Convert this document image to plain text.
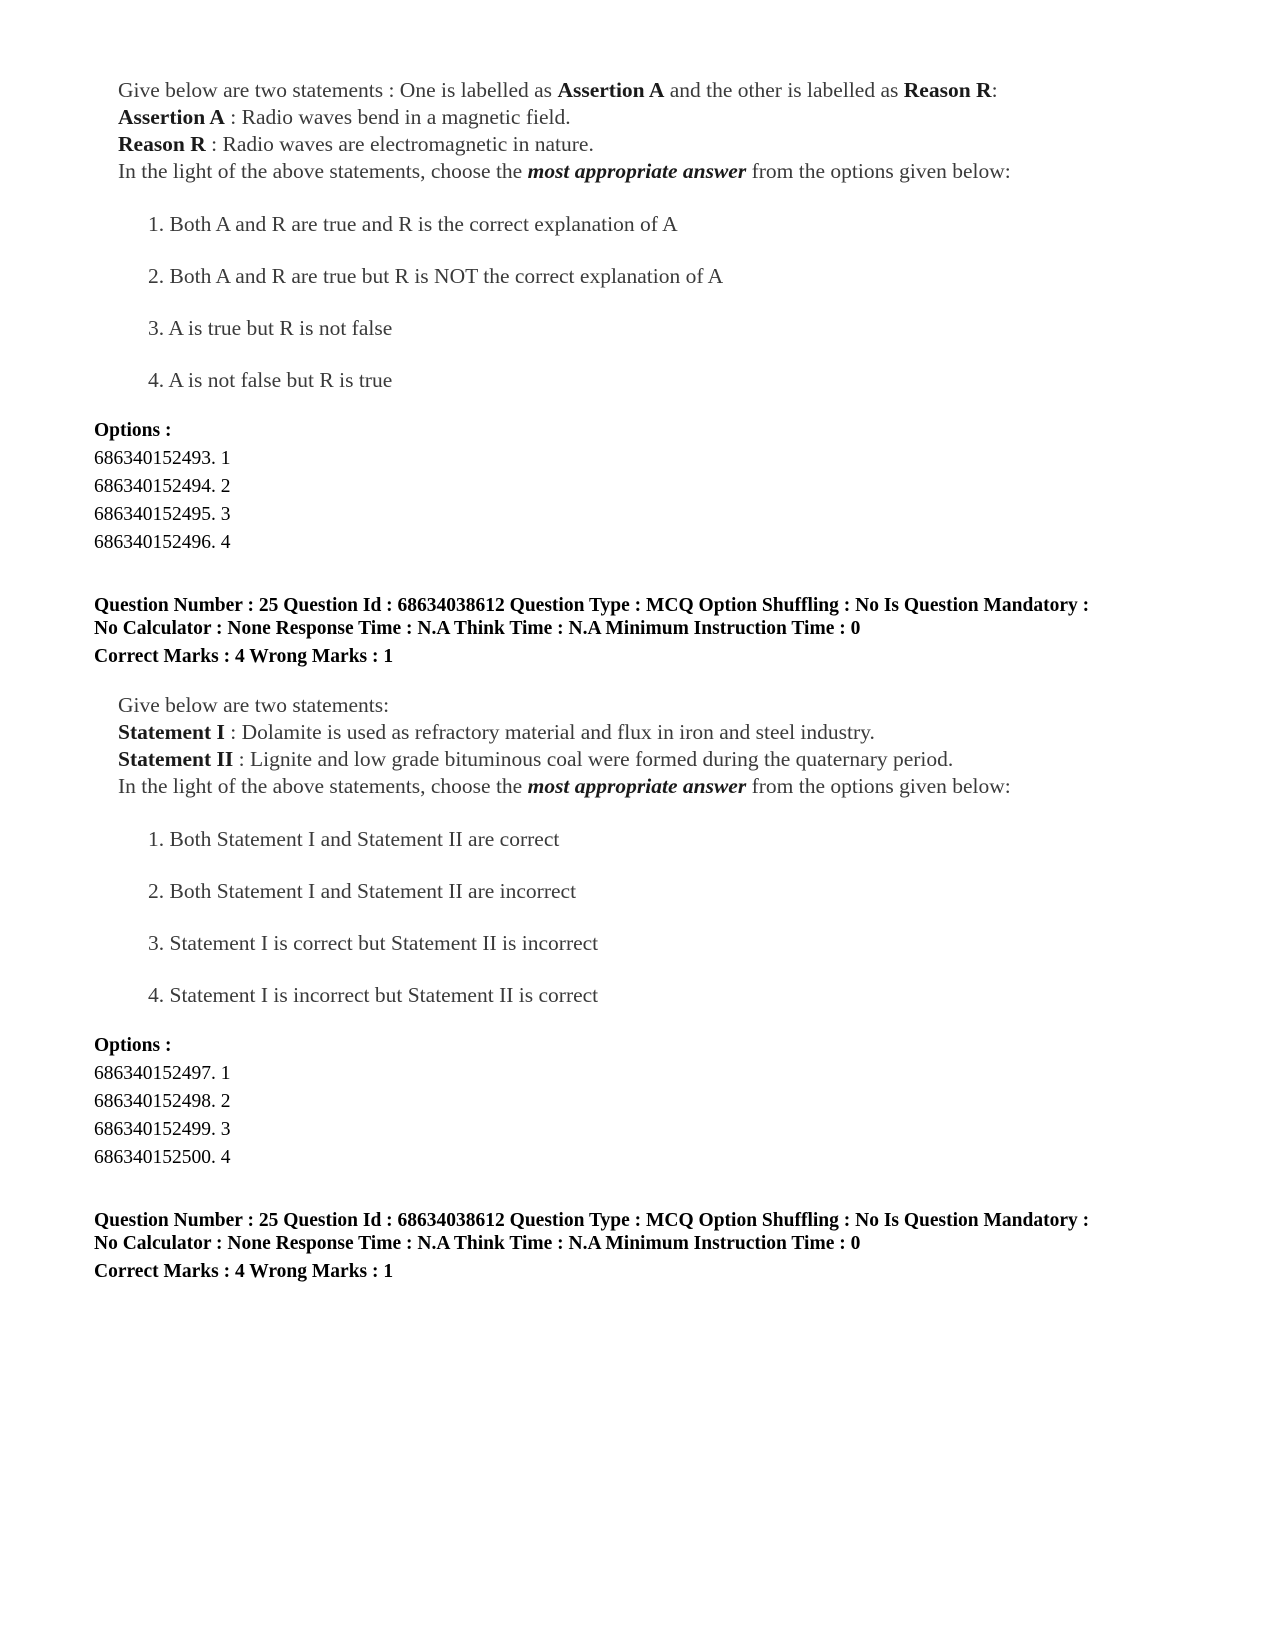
Give below are two statements : One is labelled as Assertion A and the other is labelled as Reason R:
Assertion A : Radio waves bend in a magnetic field.
Reason R : Radio waves are electromagnetic in nature.
In the light of the above statements, choose the most appropriate answer from the options given below:
1. Both A and R are true and R is the correct explanation of A
2. Both A and R are true but R is NOT the correct explanation of A
3. A is true but R is not false
4. A is not false but R is true
Options :
686340152493. 1
686340152494. 2
686340152495. 3
686340152496. 4
Question Number : 25 Question Id : 68634038612 Question Type : MCQ Option Shuffling : No Is Question Mandatory :
No Calculator : None Response Time : N.A Think Time : N.A Minimum Instruction Time : 0
Correct Marks : 4 Wrong Marks : 1
Give below are two statements:
Statement I : Dolamite is used as refractory material and flux in iron and steel industry.
Statement II : Lignite and low grade bituminous coal were formed during the quaternary period.
In the light of the above statements, choose the most appropriate answer from the options given below:
1. Both Statement I and Statement II are correct
2. Both Statement I and Statement II are incorrect
3. Statement I is correct but Statement II is incorrect
4. Statement I is incorrect but Statement II is correct
Options :
686340152497. 1
686340152498. 2
686340152499. 3
686340152500. 4
Question Number : 25 Question Id : 68634038612 Question Type : MCQ Option Shuffling : No Is Question Mandatory :
No Calculator : None Response Time : N.A Think Time : N.A Minimum Instruction Time : 0
Correct Marks : 4 Wrong Marks : 1
